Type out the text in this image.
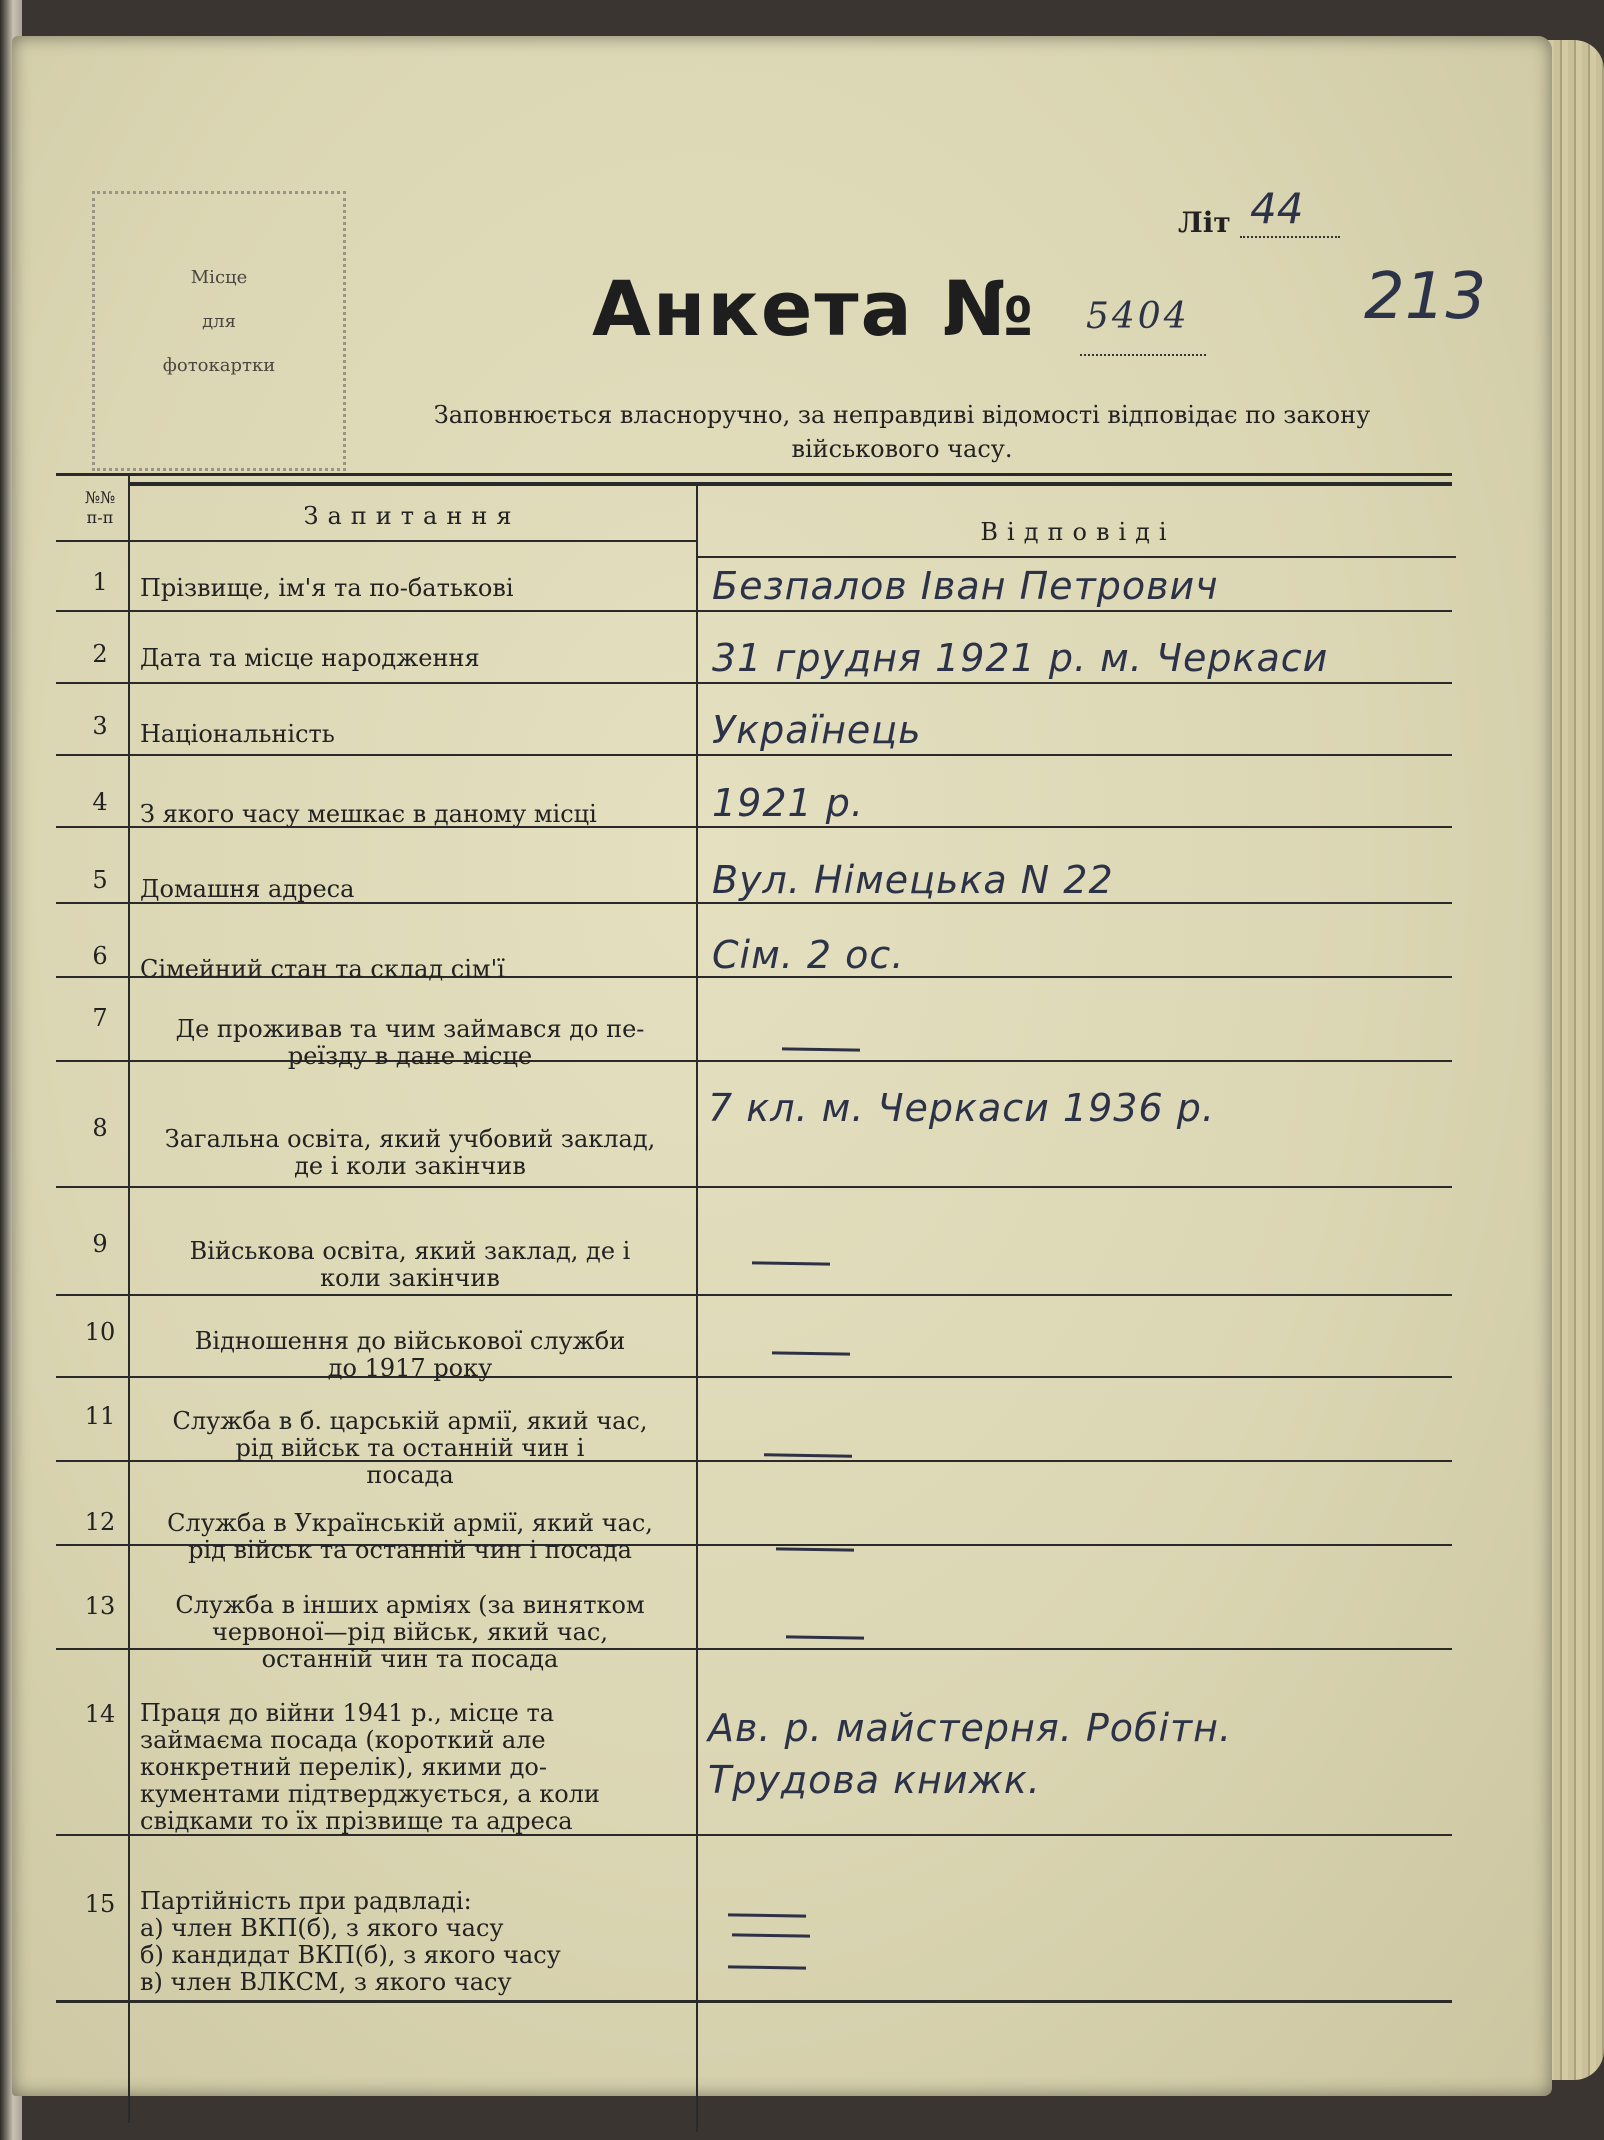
Місце
для
фотокартки
Літ 44
Анкета № 5404	213
Заповнюється власноручно, за неправдиві відомості відповідає по закону
військового часу.
№№
п-п	Запитання
Відповіді
1
2
3
4
5
6
7
8
9
10
11
12
13
14
15
Прізвище, ім'я та по-батькові
Дата та місце народження
Національність
З якого часу мешкає в даному місці
Домашня адреса
Сімейний стан та склад сім'ї
Де проживав та чим займався до пе-
реїзду в дане місце
Загальна освіта, який учбовий заклад,
де і коли закінчив
Військова освіта, який заклад, де і
коли закінчив
Відношення до військової служби
до 1917 року
Служба в б. царській армії, який час,
рід військ та останній чин і
посада
Служба в Українській армії, який час,
рід військ та останній чин і посада
Служба в інших арміях (за винятком
червоної—рід військ, який час,
останній чин та посада
Праця до війни 1941 р., місце та
займаєма посада (короткий але
конкретний перелік), якими до-
кументами підтверджується, а коли
свідками то їх прізвище та адреса
Партійність при радвладі:
а) член ВКП(б), з якого часу
б) кандидат ВКП(б), з якого часу
в) член ВЛКСМ, з якого часу
Безпалов Іван Петрович
31 грудня 1921 р. м. Черкаси
Українець
1921 р.
Вул. Німецька N 22
Сім. 2 ос.
7 кл. м. Черкаси 1936 р.
Ав. р. майстерня. Робітн.
Трудова книжк.
